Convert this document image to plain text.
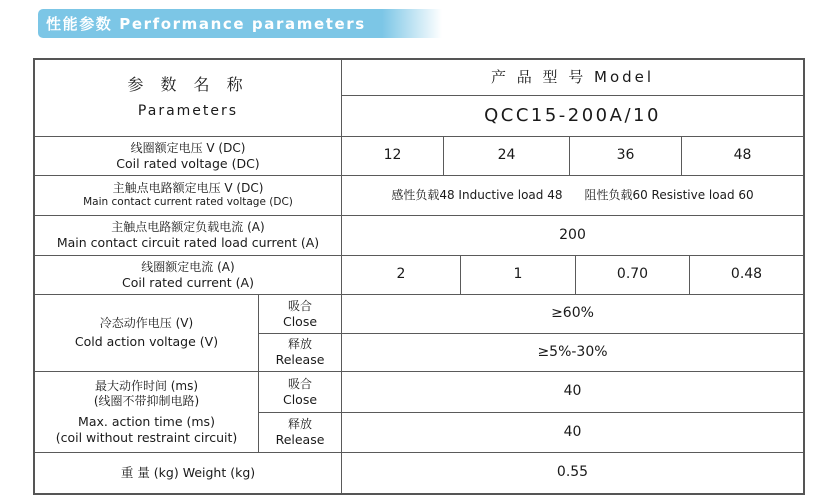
性能参数 Performance parameters
参 数 名 称
Parameters
产 品 型 号 Model
QCC15-200A/10
线圈额定电压 V (DC)
Coil rated voltage (DC)	12	24	36	48
主触点电路额定电压 V (DC)
Main contact current rated voltage (DC)
感性负载48 Inductive load 48 阻性负载60 Resistive load 60
主触点电路额定负载电流 (A)
Main contact circuit rated load current (A)	200
线圈额定电流 (A)
Coil rated current (A)	2	1	0.70	0.48
冷态动作电压 (V)
Cold action voltage (V)
吸合
Close	≥60%
释放
Release	≥5%-30%
最大动作时间 (ms)
(线圈不带抑制电路)
Max. action time (ms)
(coil without restraint circuit)
吸合
Close	40
释放
Release	40
重 量 (kg) Weight (kg)	0.55
